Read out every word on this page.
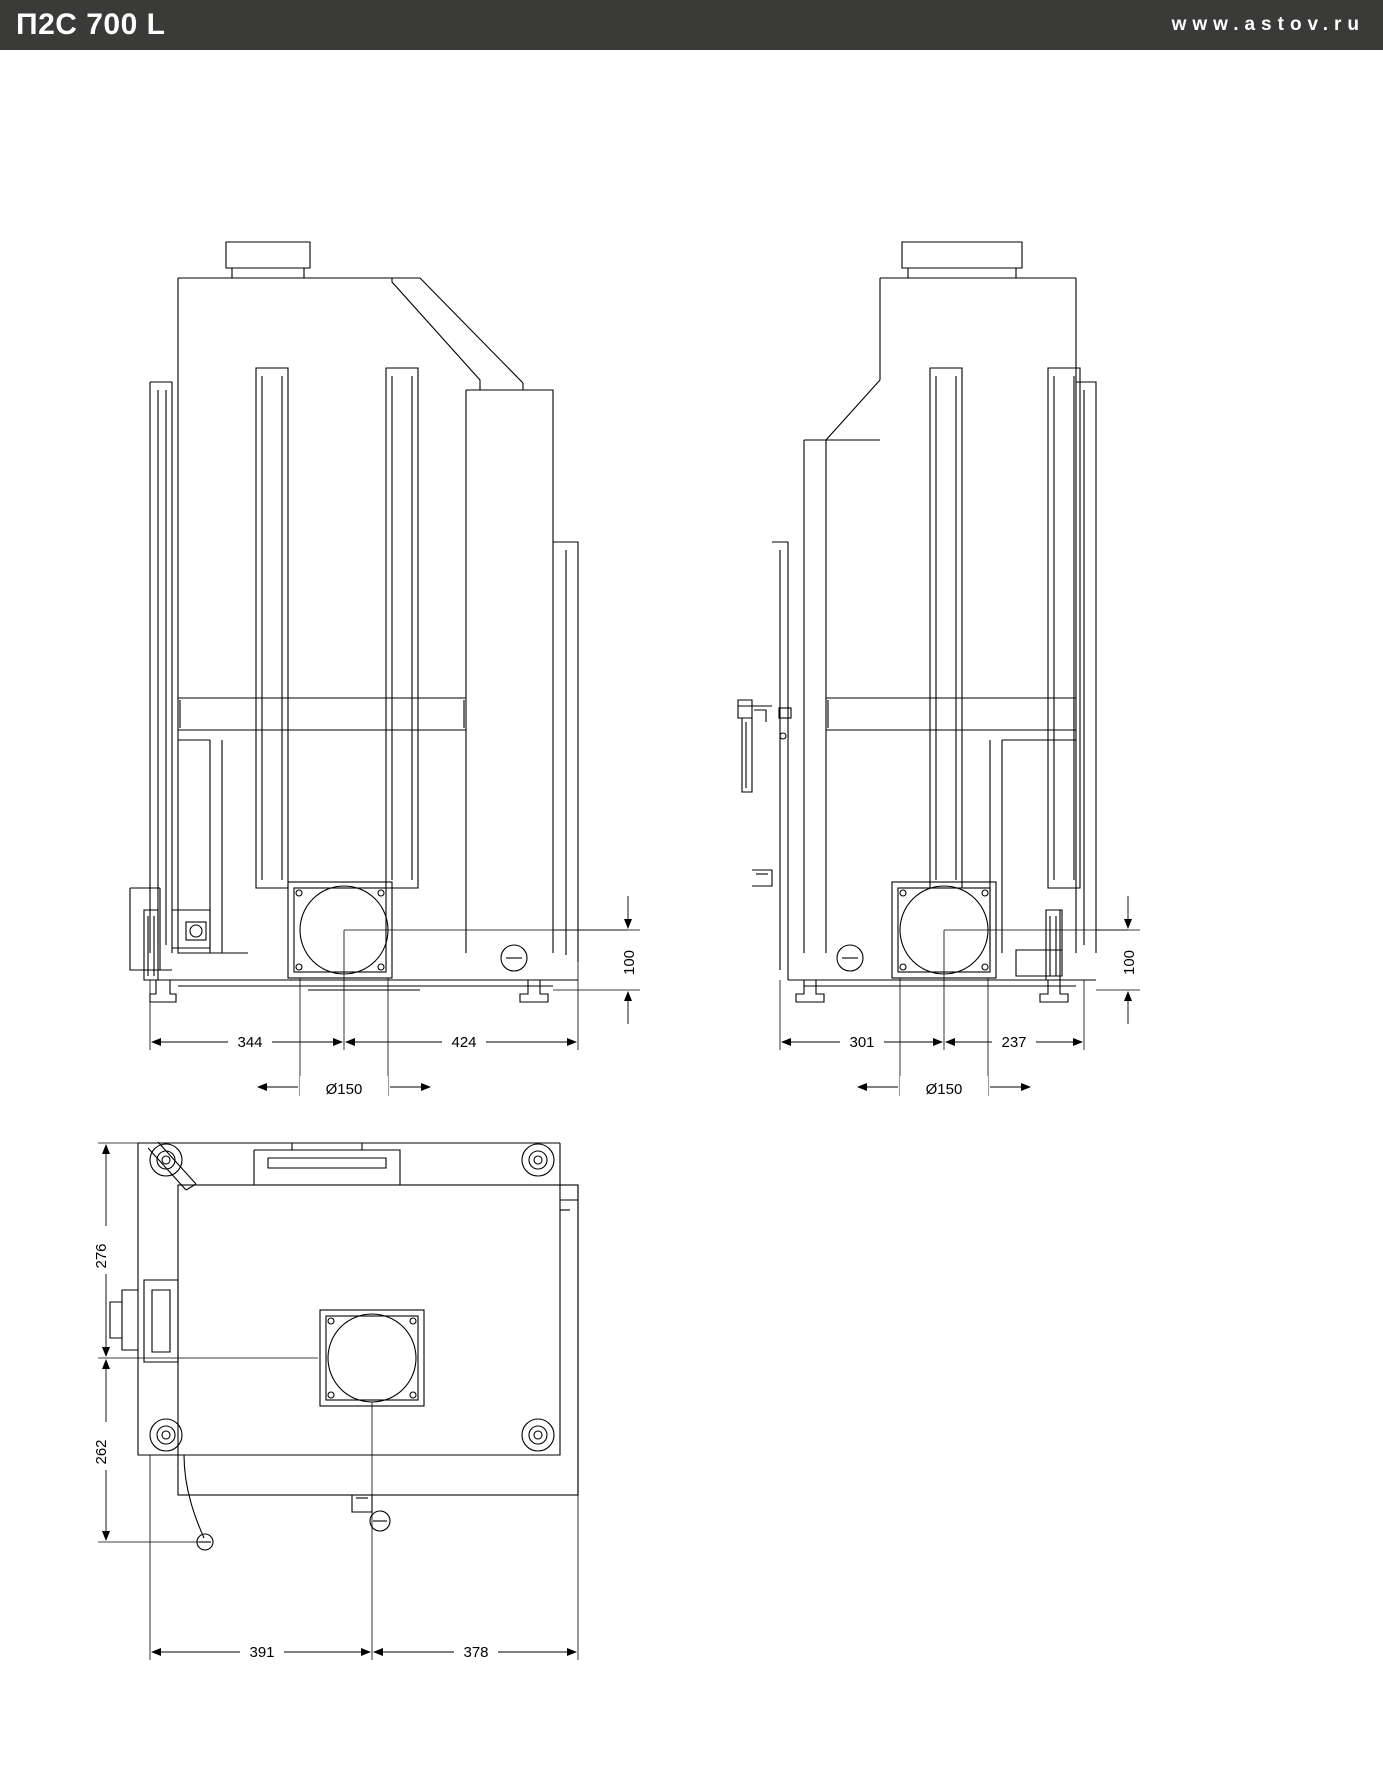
П2С 700 L	www.astov.ru
100
344	424
Ø150
100
301	237
Ø150
276
262
391	378
